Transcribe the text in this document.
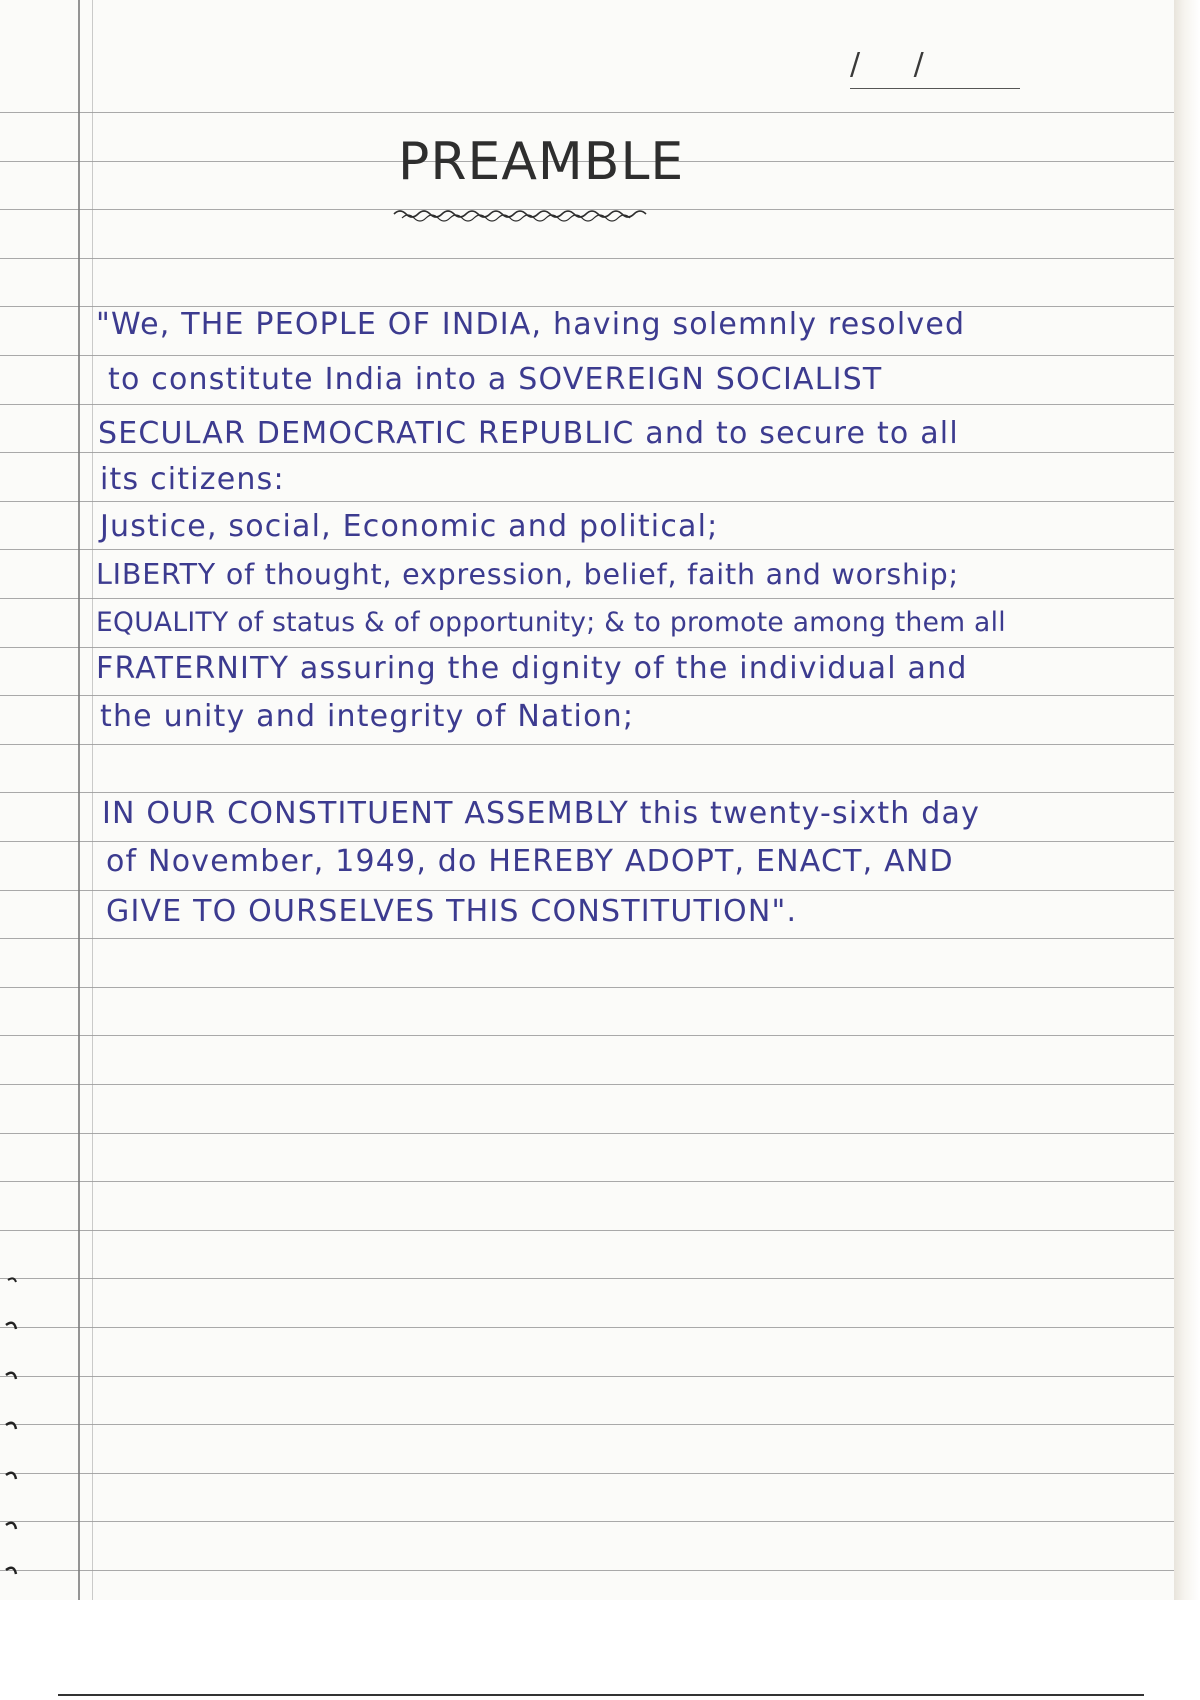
/ /
PREAMBLE
"We, THE PEOPLE OF INDIA, having solemnly resolved
to constitute India into a SOVEREIGN SOCIALIST
SECULAR DEMOCRATIC REPUBLIC and to secure to all
its citizens:
Justice, social, Economic and political;
LIBERTY of thought, expression, belief, faith and worship;
EQUALITY of status & of opportunity; & to promote among them all
FRATERNITY assuring the dignity of the individual and
the unity and integrity of Nation;
IN OUR CONSTITUENT ASSEMBLY this twenty-sixth day
of November, 1949, do HEREBY ADOPT, ENACT, AND
GIVE TO OURSELVES THIS CONSTITUTION".
